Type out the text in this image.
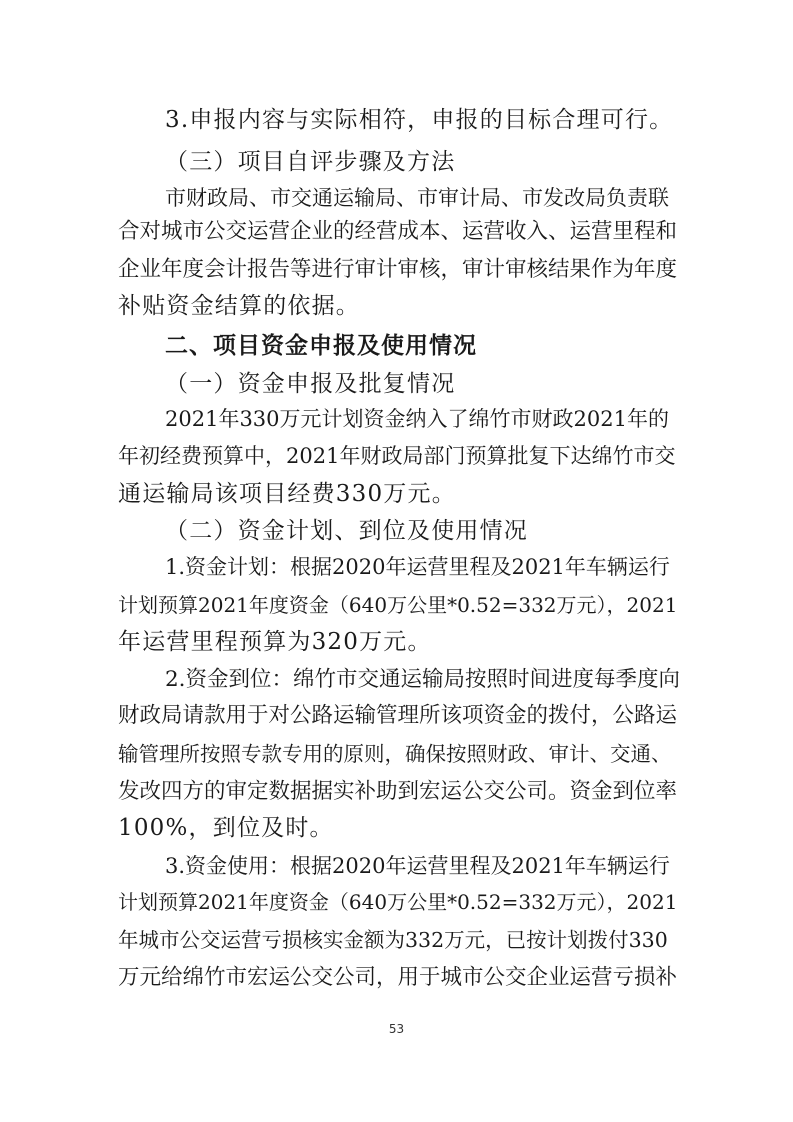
3.申报内容与实际相符，申报的目标合理可行。
（三）项目自评步骤及方法
市财政局、市交通运输局、市审计局、市发改局负责联
合对城市公交运营企业的经营成本、运营收入、运营里程和
企业年度会计报告等进行审计审核，审计审核结果作为年度
补贴资金结算的依据。
二、项目资金申报及使用情况
（一）资金申报及批复情况
2021年330万元计划资金纳入了绵竹市财政2021年的
年初经费预算中，2021年财政局部门预算批复下达绵竹市交
通运输局该项目经费330万元。
（二）资金计划、到位及使用情况
1.资金计划：根据2020年运营里程及2021年车辆运行
计划预算2021年度资金（640万公里*0.52=332万元），2021
年运营里程预算为320万元。
2.资金到位：绵竹市交通运输局按照时间进度每季度向
财政局请款用于对公路运输管理所该项资金的拨付，公路运
输管理所按照专款专用的原则，确保按照财政、审计、交通、
发改四方的审定数据据实补助到宏运公交公司。资金到位率
100%，到位及时。
3.资金使用：根据2020年运营里程及2021年车辆运行
计划预算2021年度资金（640万公里*0.52=332万元），2021
年城市公交运营亏损核实金额为332万元，已按计划拨付330
万元给绵竹市宏运公交公司，用于城市公交企业运营亏损补
53
